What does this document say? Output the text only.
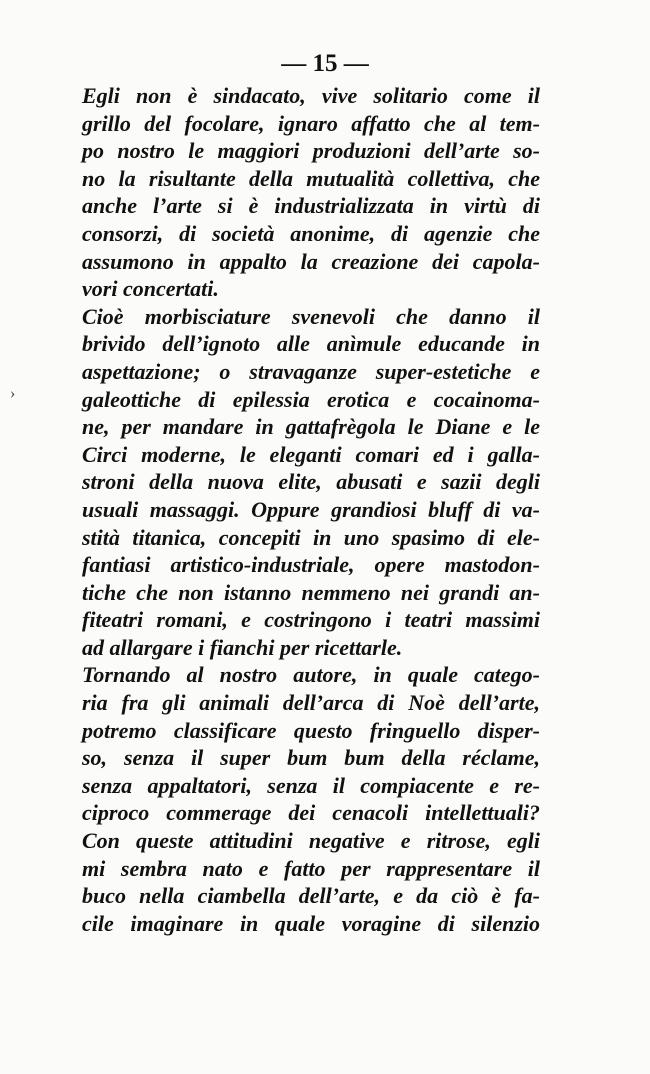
— 15 —
›
Egli non è sindacato, vive solitario come il
grillo del focolare, ignaro affatto che al tem-
po nostro le maggiori produzioni dell’arte so-
no la risultante della mutualità collettiva, che
anche l’arte si è industrializzata in virtù di
consorzi, di società anonime, di agenzie che
assumono in appalto la creazione dei capola-
vori concertati.
Cioè morbisciature svenevoli che danno il
brivido dell’ignoto alle anìmule educande in
aspettazione; o stravaganze super-estetiche e
galeottiche di epilessia erotica e cocainoma-
ne, per mandare in gattafrègola le Diane e le
Circi moderne, le eleganti comari ed i galla-
stroni della nuova elite, abusati e sazii degli
usuali massaggi. Oppure grandiosi bluff di va-
stità titanica, concepiti in uno spasimo di ele-
fantiasi artistico-industriale, opere mastodon-
tiche che non istanno nemmeno nei grandi an-
fiteatri romani, e costringono i teatri massimi
ad allargare i fianchi per ricettarle.
Tornando al nostro autore, in quale catego-
ria fra gli animali dell’arca di Noè dell’arte,
potremo classificare questo fringuello disper-
so, senza il super bum bum della réclame,
senza appaltatori, senza il compiacente e re-
ciproco commerage dei cenacoli intellettuali?
Con queste attitudini negative e ritrose, egli
mi sembra nato e fatto per rappresentare il
buco nella ciambella dell’arte, e da ciò è fa-
cile imaginare in quale voragine di silenzio
